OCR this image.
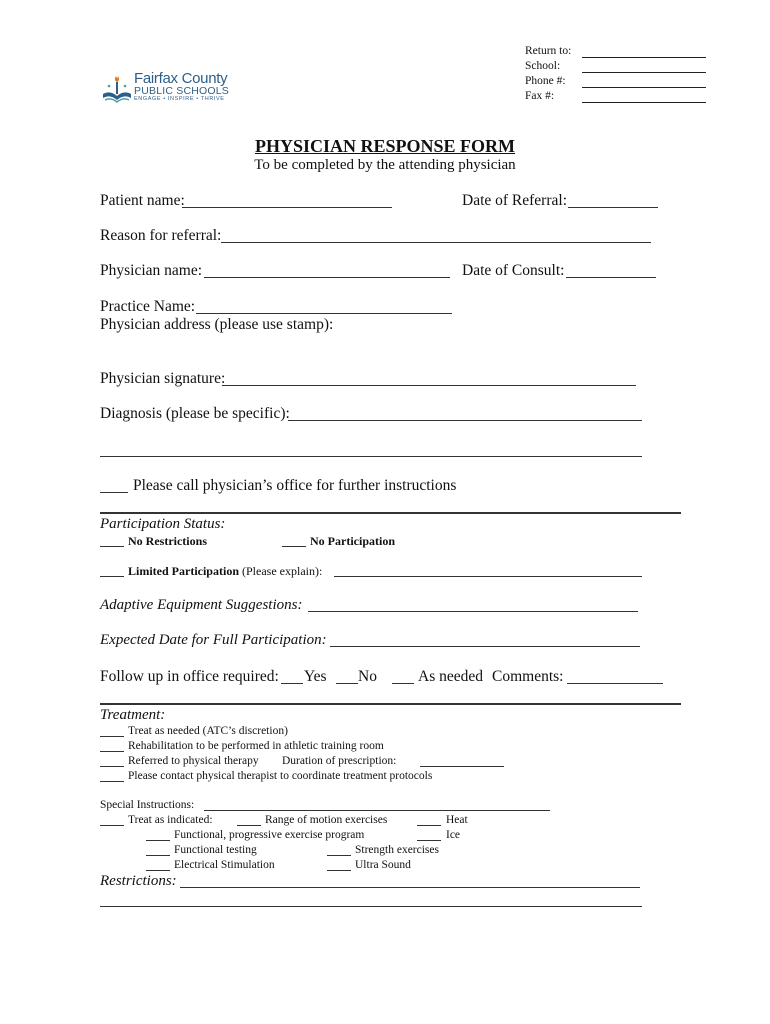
Return to:
School:
Phone #:
Fax #:
Fairfax County
PUBLIC SCHOOLS
ENGAGE • INSPIRE • THRIVE
PHYSICIAN RESPONSE FORM
To be completed by the attending physician
Patient name:	Date of Referral:
Reason for referral:
Physician name:	Date of Consult:
Practice Name:
Physician address (please use stamp):
Physician signature:
Diagnosis (please be specific):
Please call physician’s office for further instructions
Participation Status:
No Restrictions	No Participation
Limited Participation (Please explain):
Adaptive Equipment Suggestions:
Expected Date for Full Participation:
Follow up in office required: Yes No	As needed Comments:
Treatment:
Treat as needed (ATC’s discretion)
Rehabilitation to be performed in athletic training room
Referred to physical therapy Duration of prescription:
Please contact physical therapist to coordinate treatment protocols
Special Instructions:
Treat as indicated:	Range of motion exercises	Heat
Functional, progressive exercise program	Ice
Functional testing	Strength exercises
Electrical Stimulation	Ultra Sound
Restrictions:
